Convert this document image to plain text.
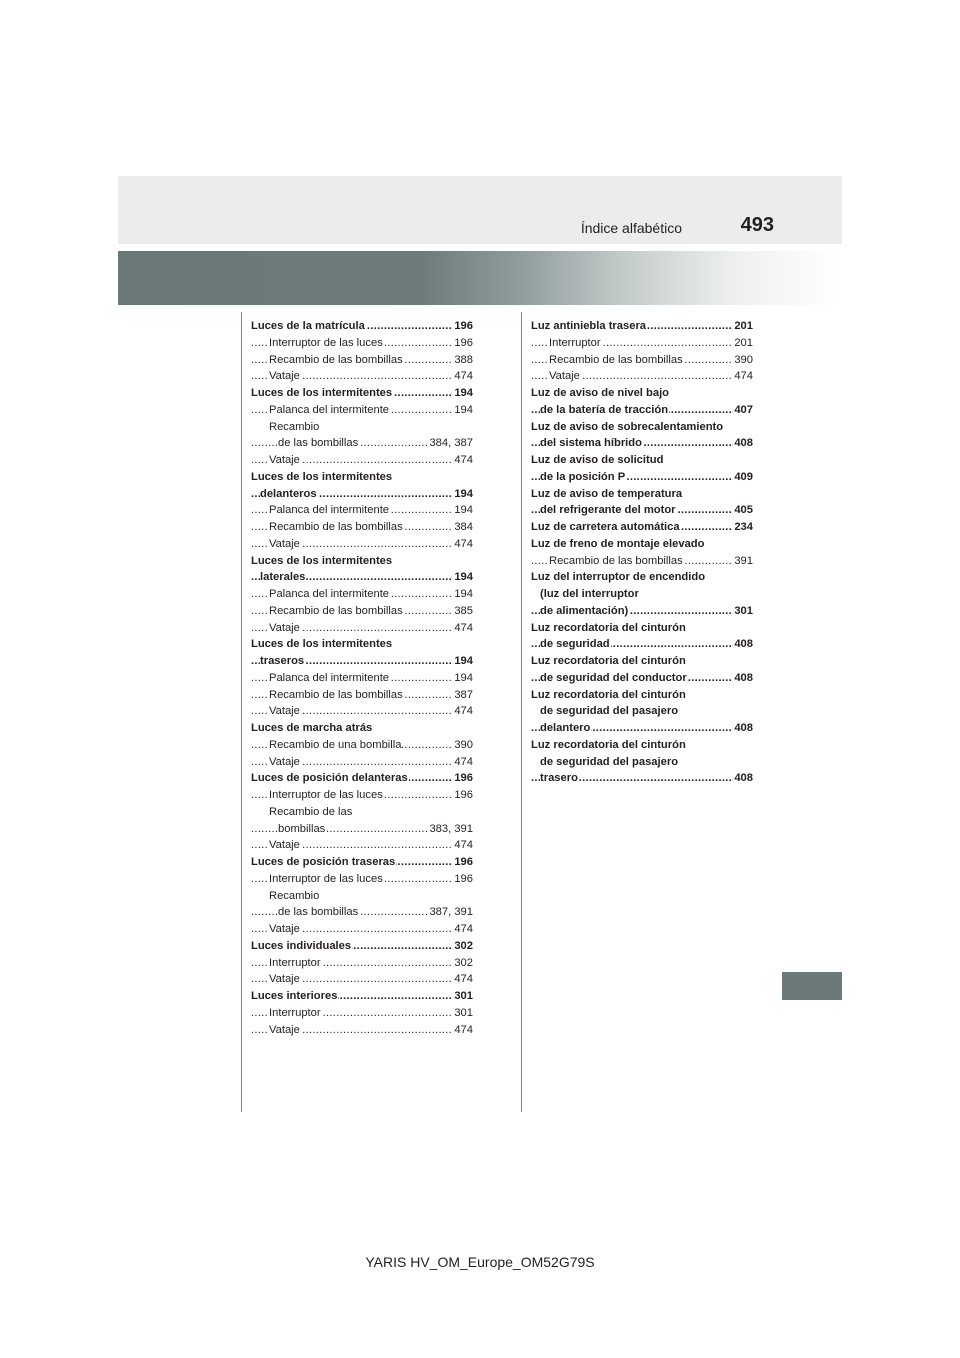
Índice alfabético	493
Luces de la matrícula	196
.....
Interruptor de las luces	196
.....
Recambio de las bombillas	388
.....
Vataje	474
.....
Luces de los intermitentes	194
.....
Palanca del intermitente	194
.....
Recambio
de las bombillas	384, 387
.....
Vataje	474
.....
Luces de los intermitentes
delanteros	194
.....
Palanca del intermitente	194
.....
Recambio de las bombillas	384
.....
Vataje	474
.....
Luces de los intermitentes
laterales	194
.....
Palanca del intermitente	194
.....
Recambio de las bombillas	385
.....
Vataje	474
.....
Luces de los intermitentes
traseros	194
.....
Palanca del intermitente	194
.....
Recambio de las bombillas	387
.....
Vataje	474
.....
Luces de marcha atrás
Recambio de una bombilla	390
.....
Vataje	474
.....
Luces de posición delanteras	196
.....
Interruptor de las luces	196
.....
Recambio de las
bombillas	383, 391
.....
Vataje	474
.....
Luces de posición traseras	196
.....
Interruptor de las luces	196
.....
Recambio
de las bombillas	387, 391
.....
Vataje	474
.....
Luces individuales	302
.....
Interruptor	302
.....
Vataje	474
.....
Luces interiores	301
.....
Interruptor	301
.....
Vataje	474
.....
Luz antiniebla trasera	201
.....
Interruptor	201
.....
Recambio de las bombillas	390
.....
Vataje	474
.....
Luz de aviso de nivel bajo
de la batería de tracción	407
.....
Luz de aviso de sobrecalentamiento
del sistema híbrido	408
.....
Luz de aviso de solicitud
de la posición P	409
.....
Luz de aviso de temperatura
del refrigerante del motor	405
.....
Luz de carretera automática	234
.....
Luz de freno de montaje elevado
Recambio de las bombillas	391
.....
Luz del interruptor de encendido
(luz del interruptor
de alimentación)	301
.....
Luz recordatoria del cinturón
de seguridad	408
.....
Luz recordatoria del cinturón
de seguridad del conductor	408
.....
Luz recordatoria del cinturón
de seguridad del pasajero
delantero	408
.....
Luz recordatoria del cinturón
de seguridad del pasajero
trasero	408
.....
YARIS HV_OM_Europe_OM52G79S
